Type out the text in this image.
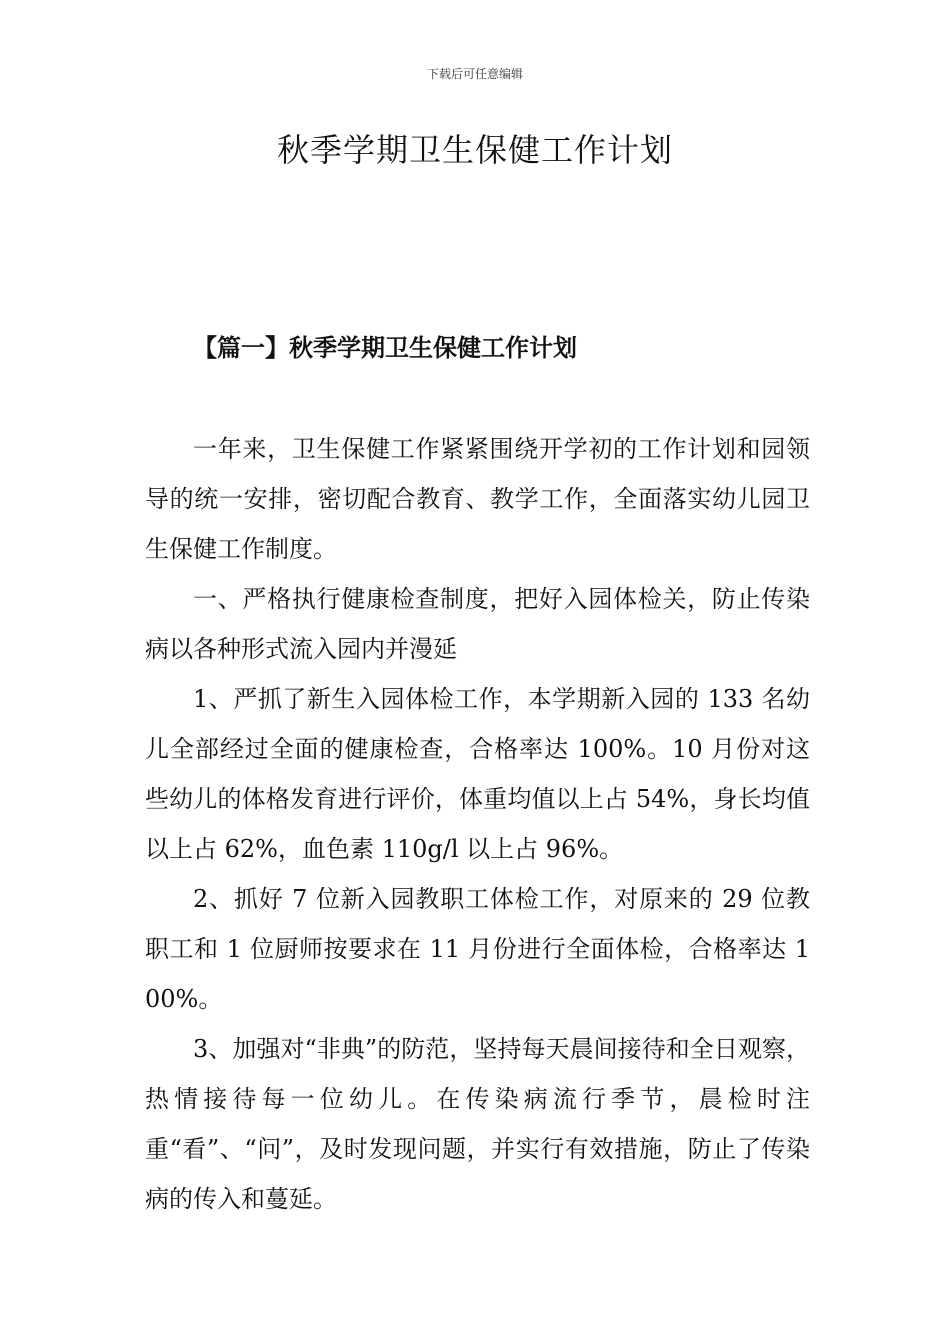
下载后可任意编辑
秋季学期卫生保健工作计划
【篇一】秋季学期卫生保健工作计划

一年来，卫生保健工作紧紧围绕开学初的工作计划和园领导的统一安排，密切配合教育、教学工作，全面落实幼儿园卫生保健工作制度。

一、严格执行健康检查制度，把好入园体检关，防止传染病以各种形式流入园内并漫延

1、严抓了新生入园体检工作，本学期新入园的 133 名幼儿全部经过全面的健康检查，合格率达 100%。10 月份对这些幼儿的体格发育进行评价，体重均值以上占 54%，身长均值以上占 62%，血色素 110g/l 以上占 96%。

2、抓好 7 位新入园教职工体检工作，对原来的 29 位教职工和 1 位厨师按要求在 11 月份进行全面体检，合格率达 100%。

3、加强对“非典”的防范，坚持每天晨间接待和全日观察，热情接待每一位幼儿。在传染病流行季节，晨检时注重“看”、“问”，及时发现问题，并实行有效措施，防止了传染病的传入和蔓延。
